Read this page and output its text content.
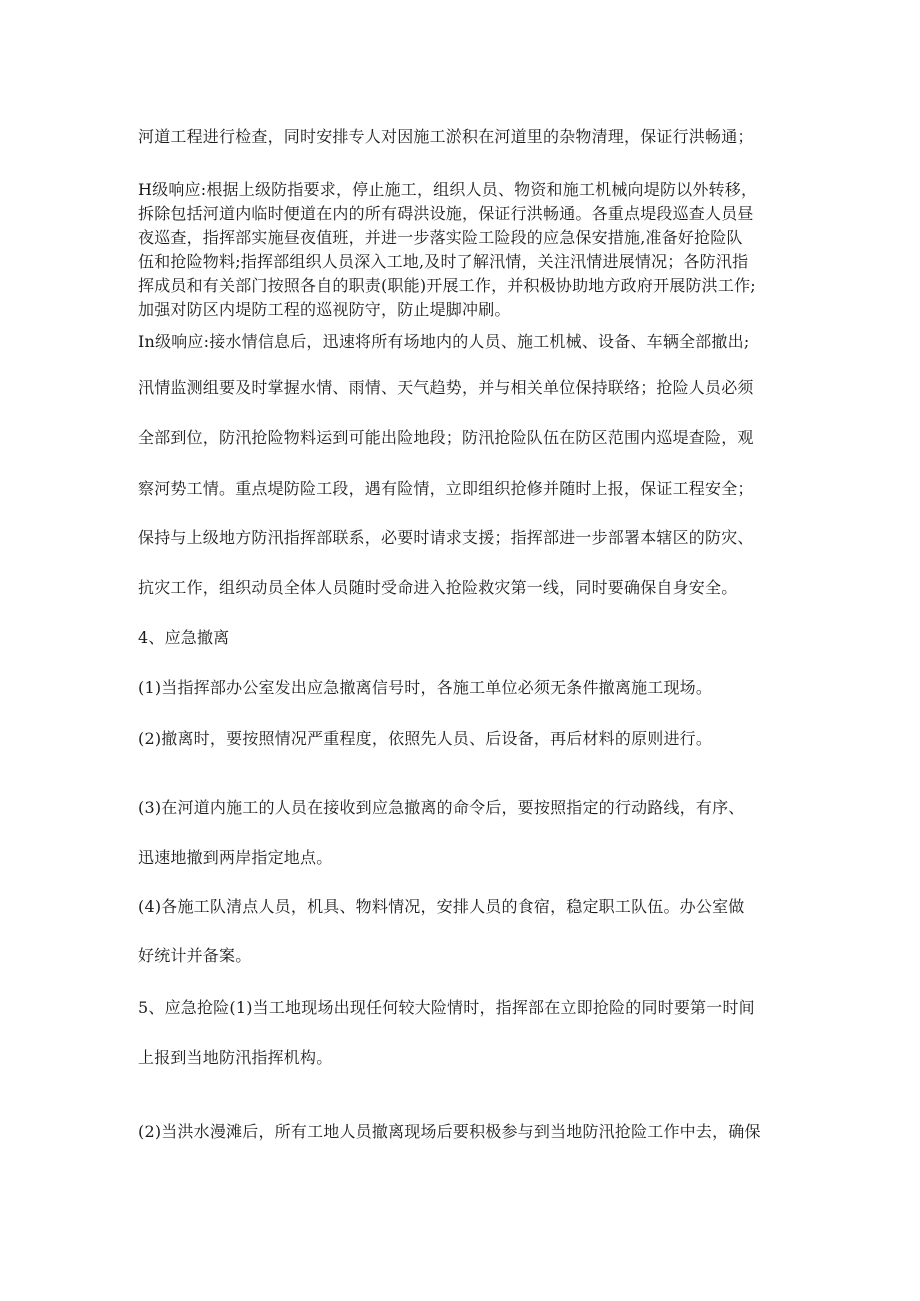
河道工程进行检查，同时安排专人对因施工淤积在河道里的杂物清理，保证行洪畅通；
H级响应:根据上级防指要求，停止施工，组织人员、物资和施工机械向堤防以外转移，
拆除包括河道内临时便道在内的所有碍洪设施，保证行洪畅通。各重点堤段巡查人员昼
夜巡查，指挥部实施昼夜值班，并进一步落实险工险段的应急保安措施,准备好抢险队
伍和抢险物料;指挥部组织人员深入工地,及时了解汛情，关注汛情进展情况；各防汛指
挥成员和有关部门按照各自的职责(职能)开展工作，并积极协助地方政府开展防洪工作;
加强对防区内堤防工程的巡视防守，防止堤脚冲刷。
In级响应:接水情信息后，迅速将所有场地内的人员、施工机械、设备、车辆全部撤出;
汛情监测组要及时掌握水情、雨情、天气趋势，并与相关单位保持联络；抢险人员必须
全部到位，防汛抢险物料运到可能出险地段；防汛抢险队伍在防区范围内巡堤查险，观
察河势工情。重点堤防险工段，遇有险情，立即组织抢修并随时上报，保证工程安全；
保持与上级地方防汛指挥部联系，必要时请求支援；指挥部进一步部署本辖区的防灾、
抗灾工作，组织动员全体人员随时受命进入抢险救灾第一线，同时要确保自身安全。
4、应急撤离
(1)当指挥部办公室发出应急撤离信号时，各施工单位必须无条件撤离施工现场。
(2)撤离时，要按照情况严重程度，依照先人员、后设备，再后材料的原则进行。
(3)在河道内施工的人员在接收到应急撤离的命令后，要按照指定的行动路线，有序、
迅速地撤到两岸指定地点。
(4)各施工队清点人员，机具、物料情况，安排人员的食宿，稳定职工队伍。办公室做
好统计并备案。
5、应急抢险(1)当工地现场出现任何较大险情时，指挥部在立即抢险的同时要第一时间
上报到当地防汛指挥机构。
(2)当洪水漫滩后，所有工地人员撤离现场后要积极参与到当地防汛抢险工作中去，确保
